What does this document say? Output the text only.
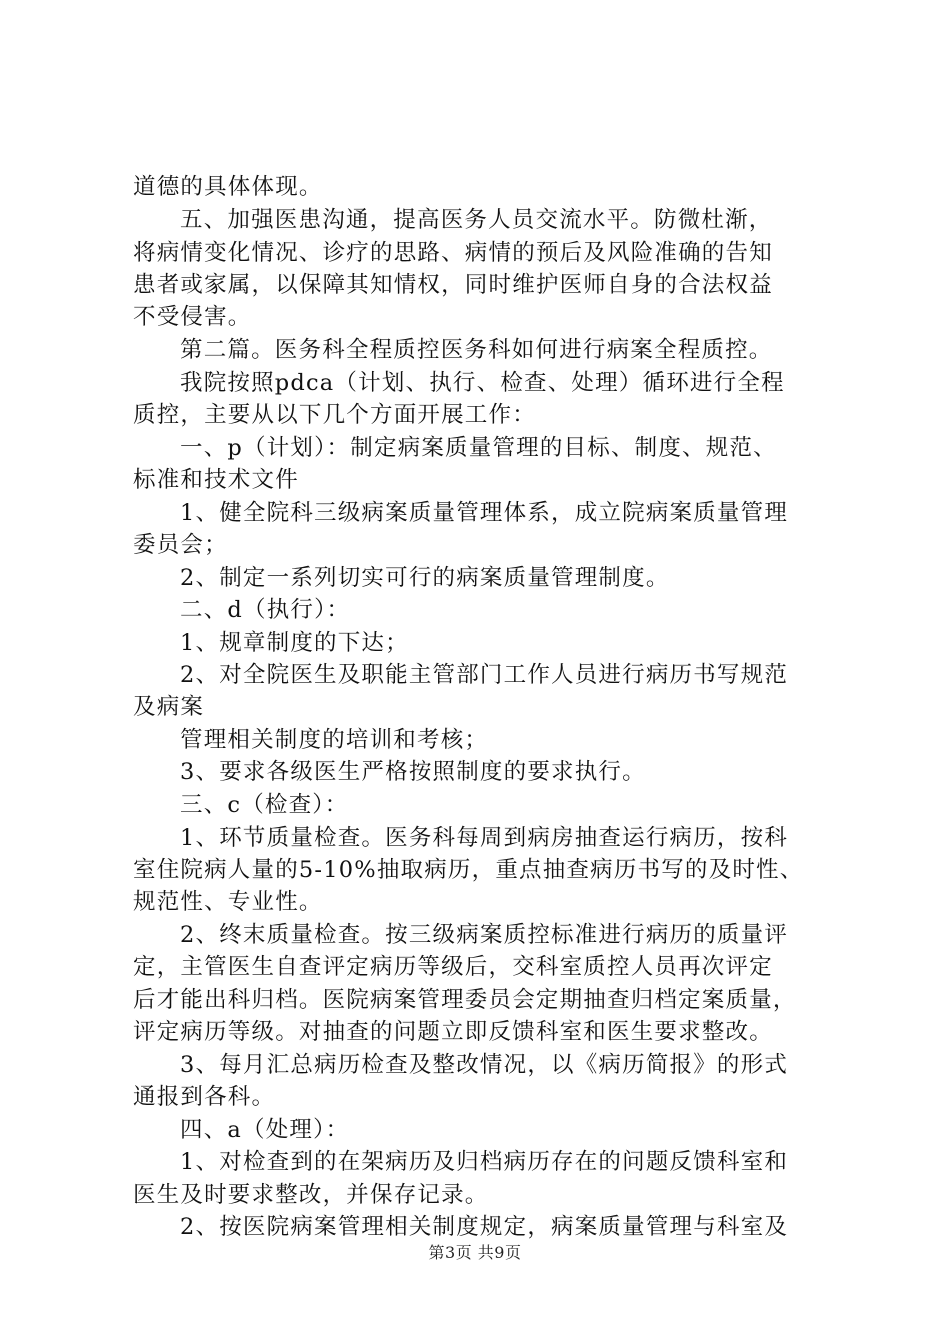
道德的具体体现。
五、加强医患沟通，提高医务人员交流水平。防微杜渐，
将病情变化情况、诊疗的思路、病情的预后及风险准确的告知
患者或家属，以保障其知情权，同时维护医师自身的合法权益
不受侵害。
第二篇。医务科全程质控医务科如何进行病案全程质控。
我院按照pdca（计划、执行、检查、处理）循环进行全程
质控，主要从以下几个方面开展工作：
一、p（计划）：制定病案质量管理的目标、制度、规范、
标准和技术文件
1、健全院科三级病案质量管理体系，成立院病案质量管理
委员会；
2、制定一系列切实可行的病案质量管理制度。
二、d（执行）：
1、规章制度的下达；
2、对全院医生及职能主管部门工作人员进行病历书写规范
及病案
管理相关制度的培训和考核；
3、要求各级医生严格按照制度的要求执行。
三、c（检查）：
1、环节质量检查。医务科每周到病房抽查运行病历，按科
室住院病人量的5-10%抽取病历，重点抽查病历书写的及时性、
规范性、专业性。
2、终末质量检查。按三级病案质控标准进行病历的质量评
定，主管医生自查评定病历等级后，交科室质控人员再次评定
后才能出科归档。医院病案管理委员会定期抽查归档定案质量，
评定病历等级。对抽查的问题立即反馈科室和医生要求整改。
3、每月汇总病历检查及整改情况，以《病历简报》的形式
通报到各科。
四、a（处理）：
1、对检查到的在架病历及归档病历存在的问题反馈科室和
医生及时要求整改，并保存记录。
2、按医院病案管理相关制度规定，病案质量管理与科室及
第3页 共9页
